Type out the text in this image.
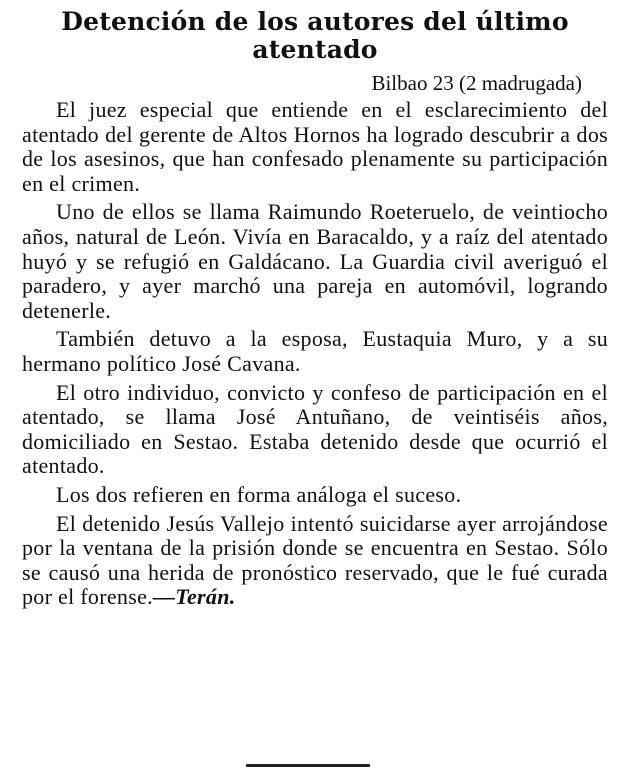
Detención de los autores del último atentado
Bilbao 23 (2 madrugada)

El juez especial que entiende en el esclarecimiento del atentado del gerente de Altos Hornos ha logrado descubrir a dos de los asesinos, que han confesado plenamente su participación en el crimen.

Uno de ellos se llama Raimundo Roeteruelo, de veintiocho años, natural de León. Vivía en Baracaldo, y a raíz del atentado huyó y se refugió en Galdácano. La Guardia civil averiguó el paradero, y ayer marchó una pareja en automóvil, logrando detenerle.

También detuvo a la esposa, Eustaquia Muro, y a su hermano político José Cavana.

El otro individuo, convicto y confeso de participación en el atentado, se llama José Antuñano, de veintiséis años, domiciliado en Sestao. Estaba detenido desde que ocurrió el atentado.

Los dos refieren en forma análoga el suceso.

El detenido Jesús Vallejo intentó suicidarse ayer arrojándose por la ventana de la prisión donde se encuentra en Sestao. Sólo se causó una herida de pronóstico reservado, que le fué curada por el forense.—Terán.
